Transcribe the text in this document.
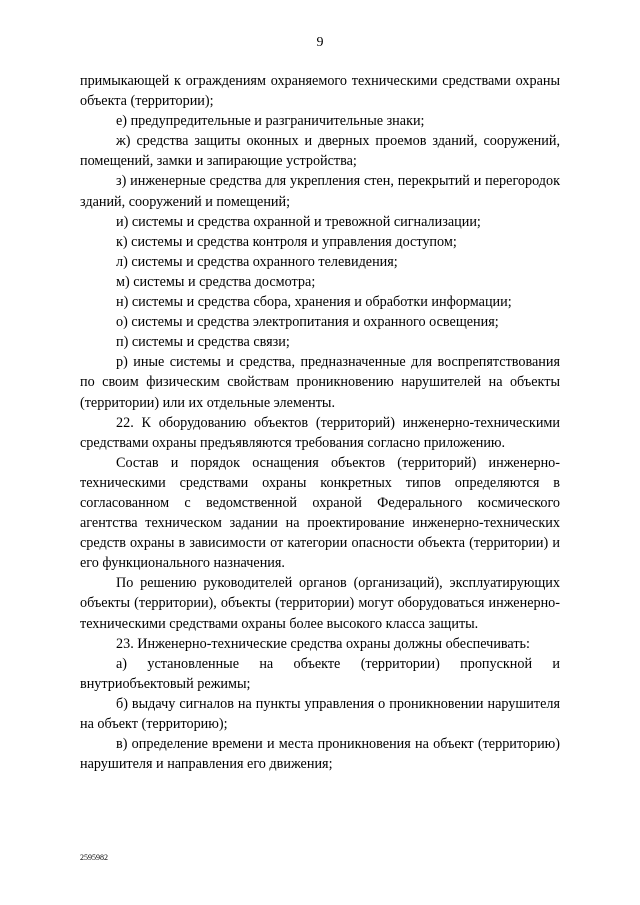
9

примыкающей к ограждениям охраняемого техническими средствами охраны объекта (территории);

е) предупредительные и разграничительные знаки;

ж) средства защиты оконных и дверных проемов зданий, сооружений, помещений, замки и запирающие устройства;

з) инженерные средства для укрепления стен, перекрытий и перегородок зданий, сооружений и помещений;

и) системы и средства охранной и тревожной сигнализации;

к) системы и средства контроля и управления доступом;

л) системы и средства охранного телевидения;

м) системы и средства досмотра;

н) системы и средства сбора, хранения и обработки информации;

о) системы и средства электропитания и охранного освещения;

п) системы и средства связи;

р) иные системы и средства, предназначенные для воспрепятствования по своим физическим свойствам проникновению нарушителей на объекты (территории) или их отдельные элементы.

22. К оборудованию объектов (территорий) инженерно-техническими средствами охраны предъявляются требования согласно приложению.

Состав и порядок оснащения объектов (территорий) инженерно-техническими средствами охраны конкретных типов определяются в согласованном с ведомственной охраной Федерального космического агентства техническом задании на проектирование инженерно-технических средств охраны в зависимости от категории опасности объекта (территории) и его функционального назначения.

По решению руководителей органов (организаций), эксплуатирующих объекты (территории), объекты (территории) могут оборудоваться инженерно-техническими средствами охраны более высокого класса защиты.

23. Инженерно-технические средства охраны должны обеспечивать:

а) установленные на объекте (территории) пропускной и внутриобъектовый режимы;

б) выдачу сигналов на пункты управления о проникновении нарушителя на объект (территорию);

в) определение времени и места проникновения на объект (территорию) нарушителя и направления его движения;

2595982
